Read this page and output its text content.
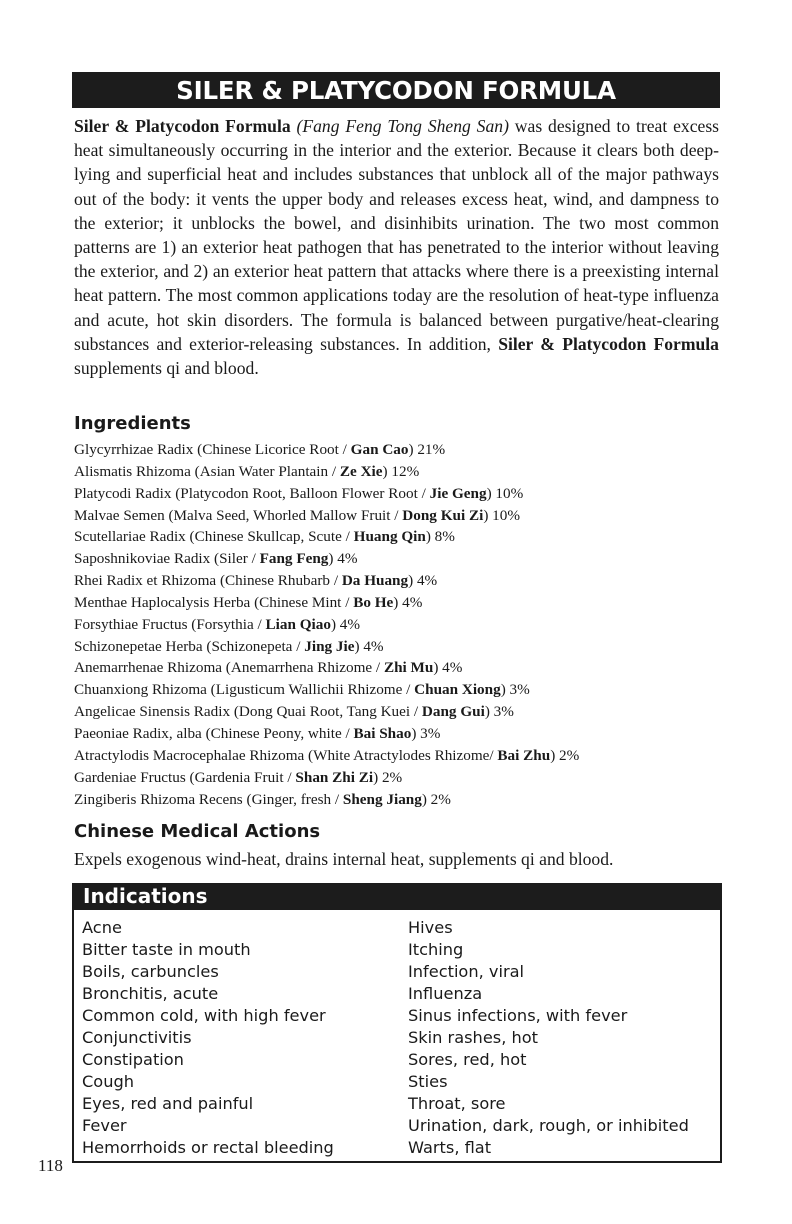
SILER & PLATYCODON FORMULA

Siler & Platycodon Formula (Fang Feng Tong Sheng San) was designed to treat excess heat simultaneously occurring in the interior and the exterior. Because it clears both deep-lying and superficial heat and includes substances that unblock all of the major pathways out of the body: it vents the upper body and releases excess heat, wind, and dampness to the exterior; it unblocks the bowel, and disinhibits urination. The two most common patterns are 1) an exterior heat pathogen that has penetrated to the interior without leaving the exterior, and 2) an exterior heat pattern that attacks where there is a preexisting internal heat pattern. The most common applications today are the resolution of heat-type influenza and acute, hot skin disorders. The formula is balanced between purgative/heat-clearing substances and exterior-releasing substances. In addition, Siler & Platycodon Formula supplements qi and blood.

Ingredients
Glycyrrhizae Radix (Chinese Licorice Root / Gan Cao) 21%
Alismatis Rhizoma (Asian Water Plantain / Ze Xie) 12%
Platycodi Radix (Platycodon Root, Balloon Flower Root / Jie Geng) 10%
Malvae Semen (Malva Seed, Whorled Mallow Fruit / Dong Kui Zi) 10%
Scutellariae Radix (Chinese Skullcap, Scute / Huang Qin) 8%
Saposhnikoviae Radix (Siler / Fang Feng) 4%
Rhei Radix et Rhizoma (Chinese Rhubarb / Da Huang) 4%
Menthae Haplocalysis Herba (Chinese Mint / Bo He) 4%
Forsythiae Fructus (Forsythia / Lian Qiao) 4%
Schizonepetae Herba (Schizonepeta / Jing Jie) 4%
Anemarrhenae Rhizoma (Anemarrhena Rhizome / Zhi Mu) 4%
Chuanxiong Rhizoma (Ligusticum Wallichii Rhizome / Chuan Xiong) 3%
Angelicae Sinensis Radix (Dong Quai Root, Tang Kuei / Dang Gui) 3%
Paeoniae Radix, alba (Chinese Peony, white / Bai Shao) 3%
Atractylodis Macrocephalae Rhizoma (White Atractylodes Rhizome/ Bai Zhu) 2%
Gardeniae Fructus (Gardenia Fruit / Shan Zhi Zi) 2%
Zingiberis Rhizoma Recens (Ginger, fresh / Sheng Jiang) 2%
Chinese Medical Actions

Expels exogenous wind-heat, drains internal heat, supplements qi and blood.

Indications
Acne
Bitter taste in mouth
Boils, carbuncles
Bronchitis, acute
Common cold, with high fever
Conjunctivitis
Constipation
Cough
Eyes, red and painful
Fever
Hemorrhoids or rectal bleeding
Hives
Itching
Infection, viral
Influenza
Sinus infections, with fever
Skin rashes, hot
Sores, red, hot
Sties
Throat, sore
Urination, dark, rough, or inhibited
Warts, flat
118
